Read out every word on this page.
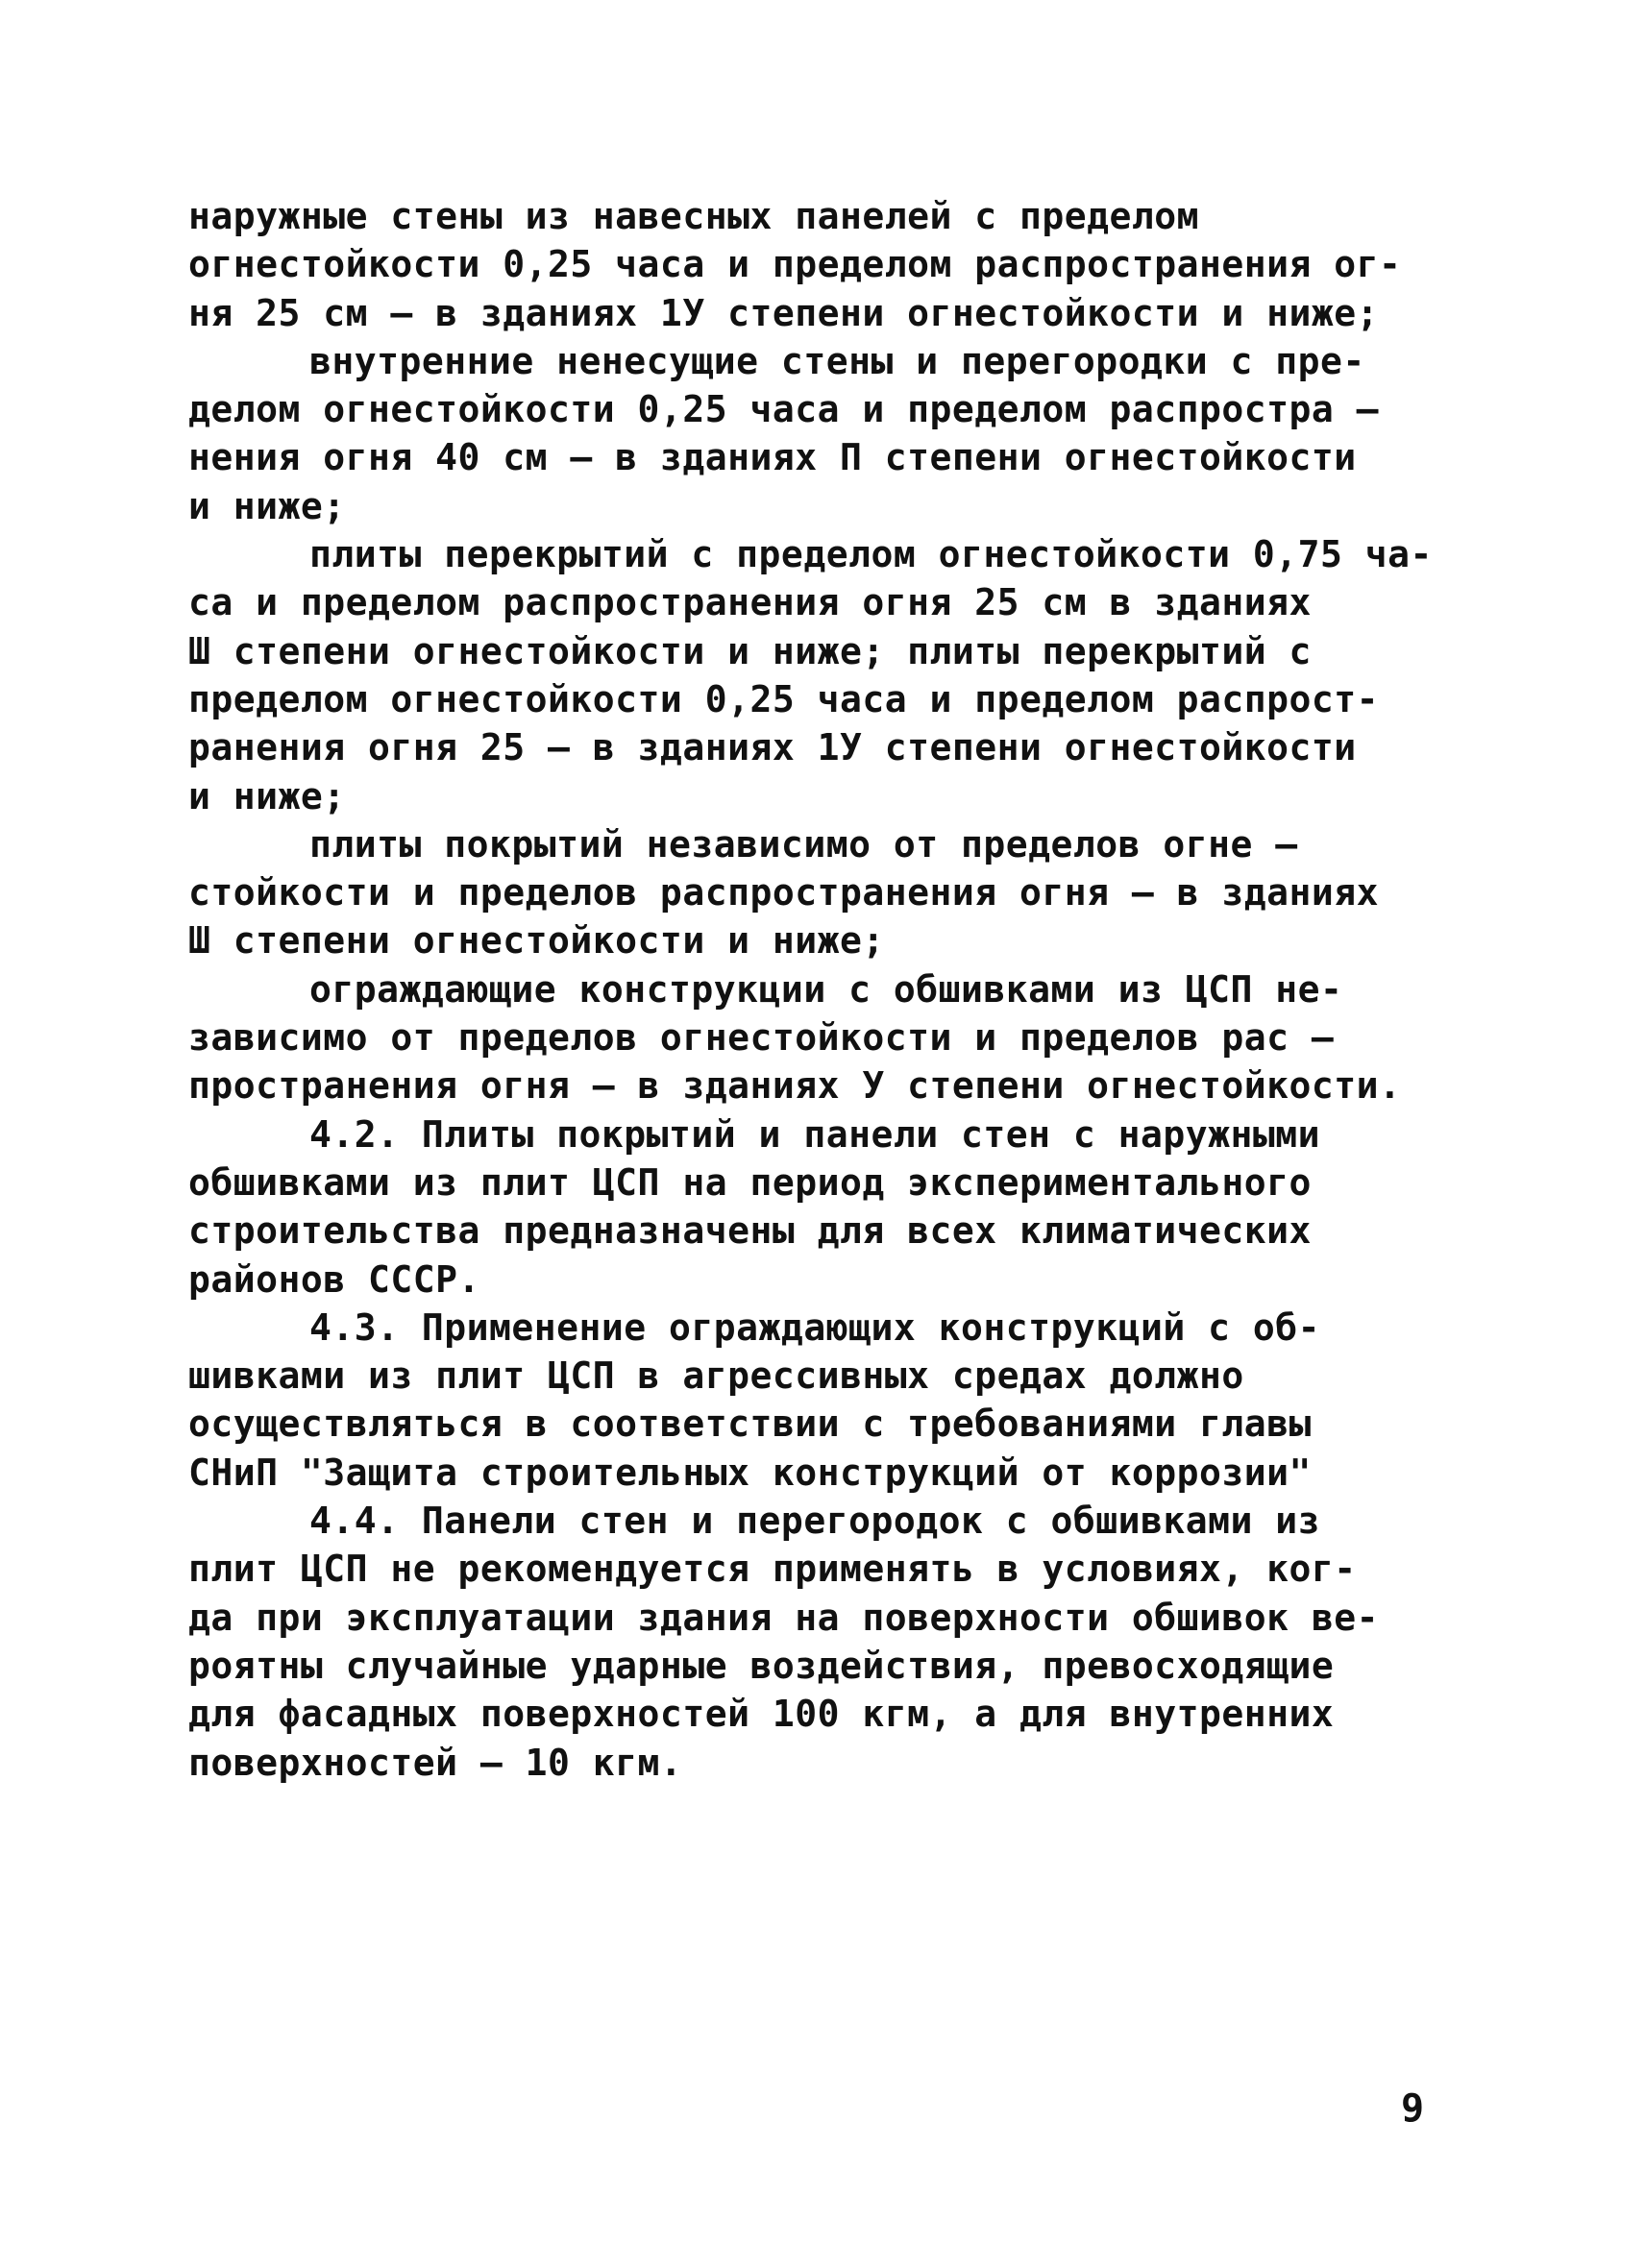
наружные стены из навесных панелей с пределом
огнестойкости 0,25 часа и пределом распространения ог-
ня 25 см – в зданиях 1У степени огнестойкости и ниже;
внутренние ненесущие стены и перегородки с пре-
делом огнестойкости 0,25 часа и пределом распростра –
нения огня 40 см – в зданиях П степени огнестойкости
и ниже;
плиты перекрытий с пределом огнестойкости 0,75 ча-
са и пределом распространения огня 25 см в зданиях
Ш степени огнестойкости и ниже; плиты перекрытий с
пределом огнестойкости 0,25 часа и пределом распрост-
ранения огня 25 – в зданиях 1У степени огнестойкости
и ниже;
плиты покрытий независимо от пределов огне –
стойкости и пределов распространения огня – в зданиях
Ш степени огнестойкости и ниже;
ограждающие конструкции с обшивками из ЦСП не-
зависимо от пределов огнестойкости и пределов рас –
пространения огня – в зданиях У степени огнестойкости.
4.2. Плиты покрытий и панели стен с наружными
обшивками из плит ЦСП на период экспериментального
строительства предназначены для всех климатических
районов СССР.
4.3. Применение ограждающих конструкций с об-
шивками из плит ЦСП в агрессивных средах должно
осуществляться в соответствии с требованиями главы
СНиП "Защита строительных конструкций от коррозии"
4.4. Панели стен и перегородок с обшивками из
плит ЦСП не рекомендуется применять в условиях, ког-
да при эксплуатации здания на поверхности обшивок ве-
роятны случайные ударные воздействия, превосходящие
для фасадных поверхностей 100 кгм, а для внутренних
поверхностей – 10 кгм.
9
